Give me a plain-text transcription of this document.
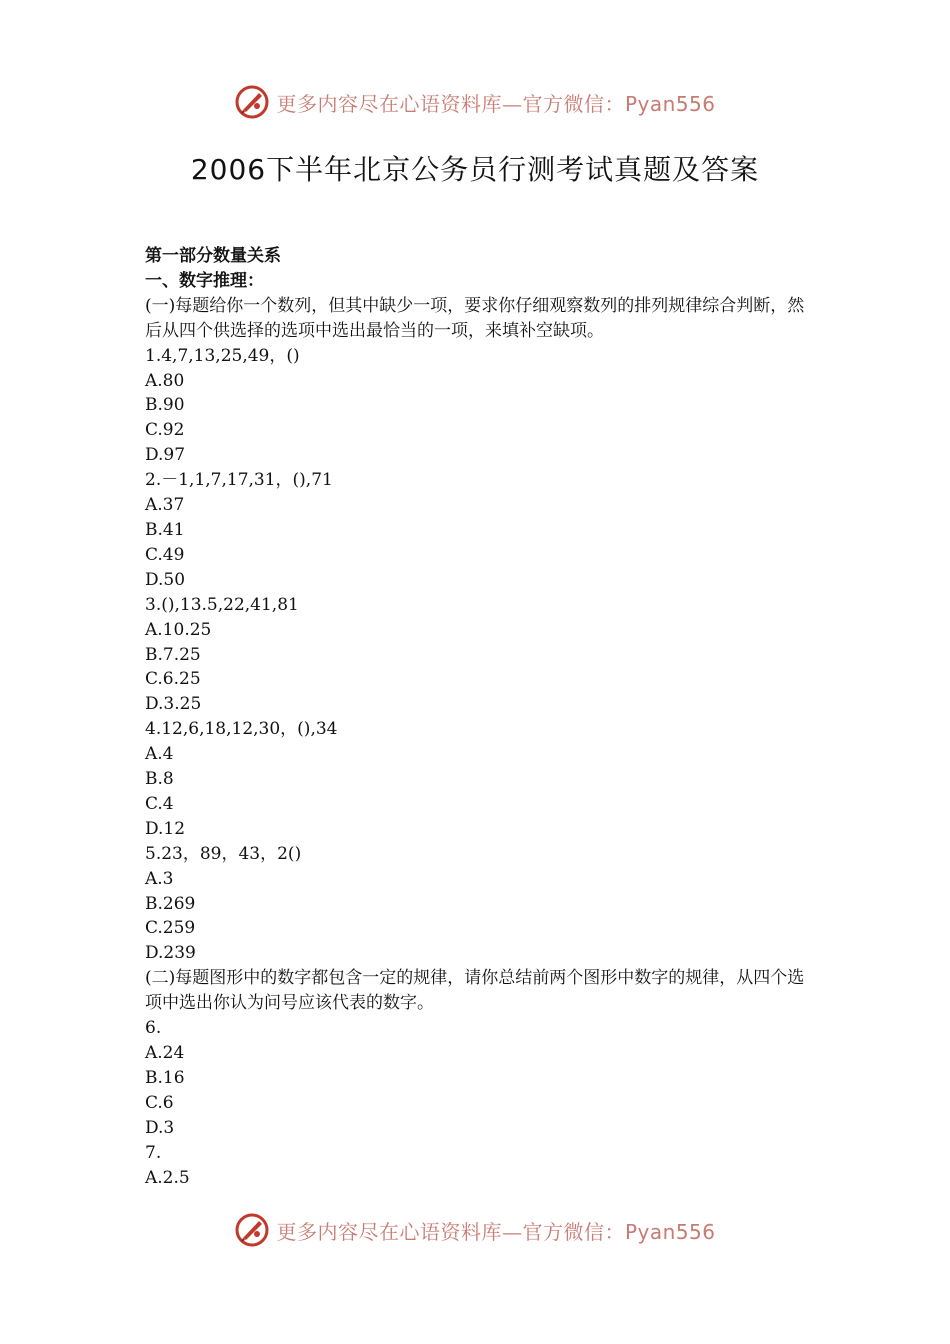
更多内容尽在心语资料库—官方微信：Pyan556
2006下半年北京公务员行测考试真题及答案
第一部分数量关系
一、数字推理：
(一)每题给你一个数列，但其中缺少一项，要求你仔细观察数列的排列规律综合判断，然后从四个供选择的选项中选出最恰当的一项，来填补空缺项。
1.4,7,13,25,49，()
A.80
B.90
C.92
D.97
2.－1,1,7,17,31，(),71
A.37
B.41
C.49
D.50
3.(),13.5,22,41,81
A.10.25
B.7.25
C.6.25
D.3.25
4.12,6,18,12,30，(),34
A.4
B.8
C.4
D.12
5.23，89，43，2()
A.3
B.269
C.259
D.239
(二)每题图形中的数字都包含一定的规律，请你总结前两个图形中数字的规律，从四个选项中选出你认为问号应该代表的数字。
6.
A.24
B.16
C.6
D.3
7.
A.2.5
更多内容尽在心语资料库—官方微信：Pyan556
